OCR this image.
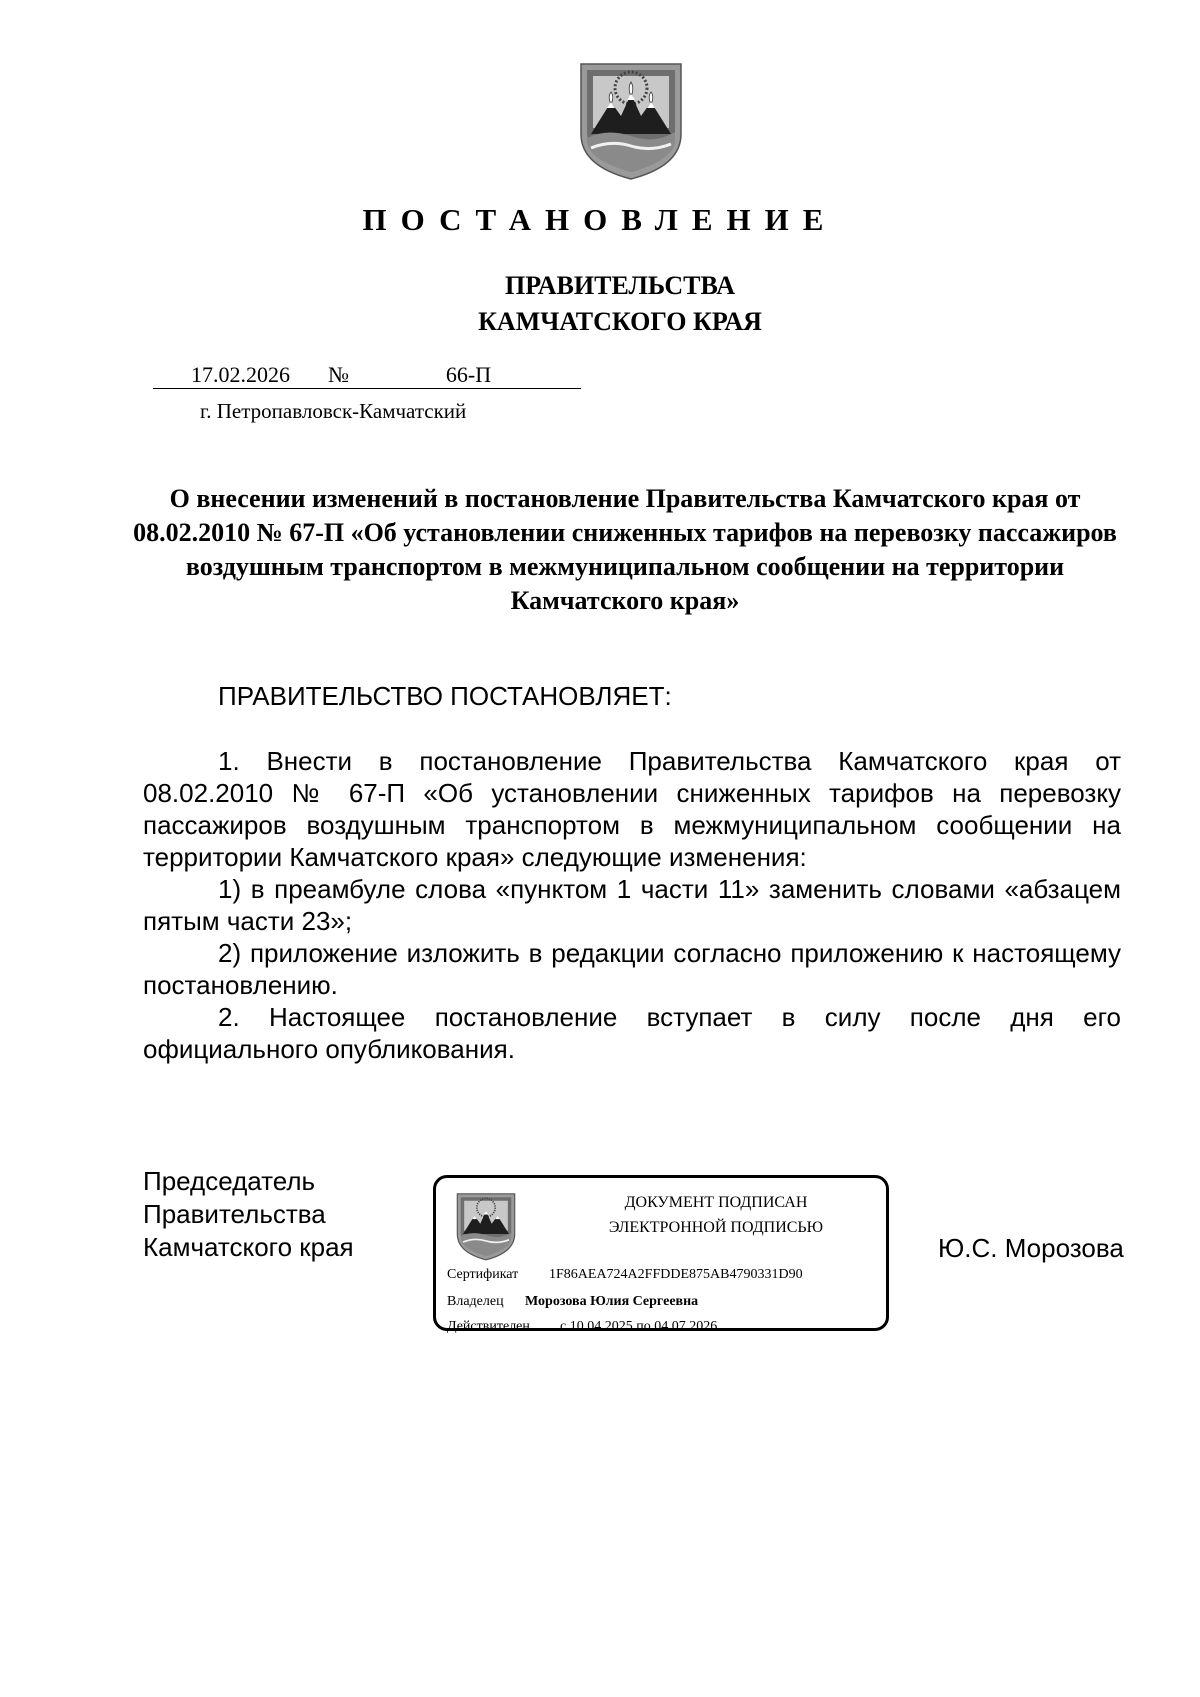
ПОСТАНОВЛЕНИЕ
ПРАВИТЕЛЬСТВА
КАМЧАТСКОГО КРАЯ
17.02.2026 №	66-П
г. Петропавловск-Камчатский
О внесении изменений в постановление Правительства Камчатского края от 08.02.2010 № 67-П «Об установлении сниженных тарифов на перевозку пассажиров воздушным транспортом в межмуниципальном сообщении на территории Камчатского края»
ПРАВИТЕЛЬСТВО ПОСТАНОВЛЯЕТ:

1. Внести в постановление Правительства Камчатского края от 08.02.2010 № 67-П «Об установлении сниженных тарифов на перевозку пассажиров воздушным транспортом в межмуниципальном сообщении на территории Камчатского края» следующие изменения:

1) в преамбуле слова «пунктом 1 части 11» заменить словами «абзацем пятым части 23»;

2) приложение изложить в редакции согласно приложению к настоящему постановлению.

2. Настоящее постановление вступает в силу после дня его официального опубликования.

Председатель
Правительства
Камчатского края
ДОКУМЕНТ ПОДПИСАН
ЭЛЕКТРОННОЙ ПОДПИСЬЮ
Сертификат 1F86AEA724A2FFDDE875AB4790331D90
Владелец Морозова Юлия Сергеевна
Действителен с 10.04.2025 по 04.07.2026
Ю.С. Морозова
